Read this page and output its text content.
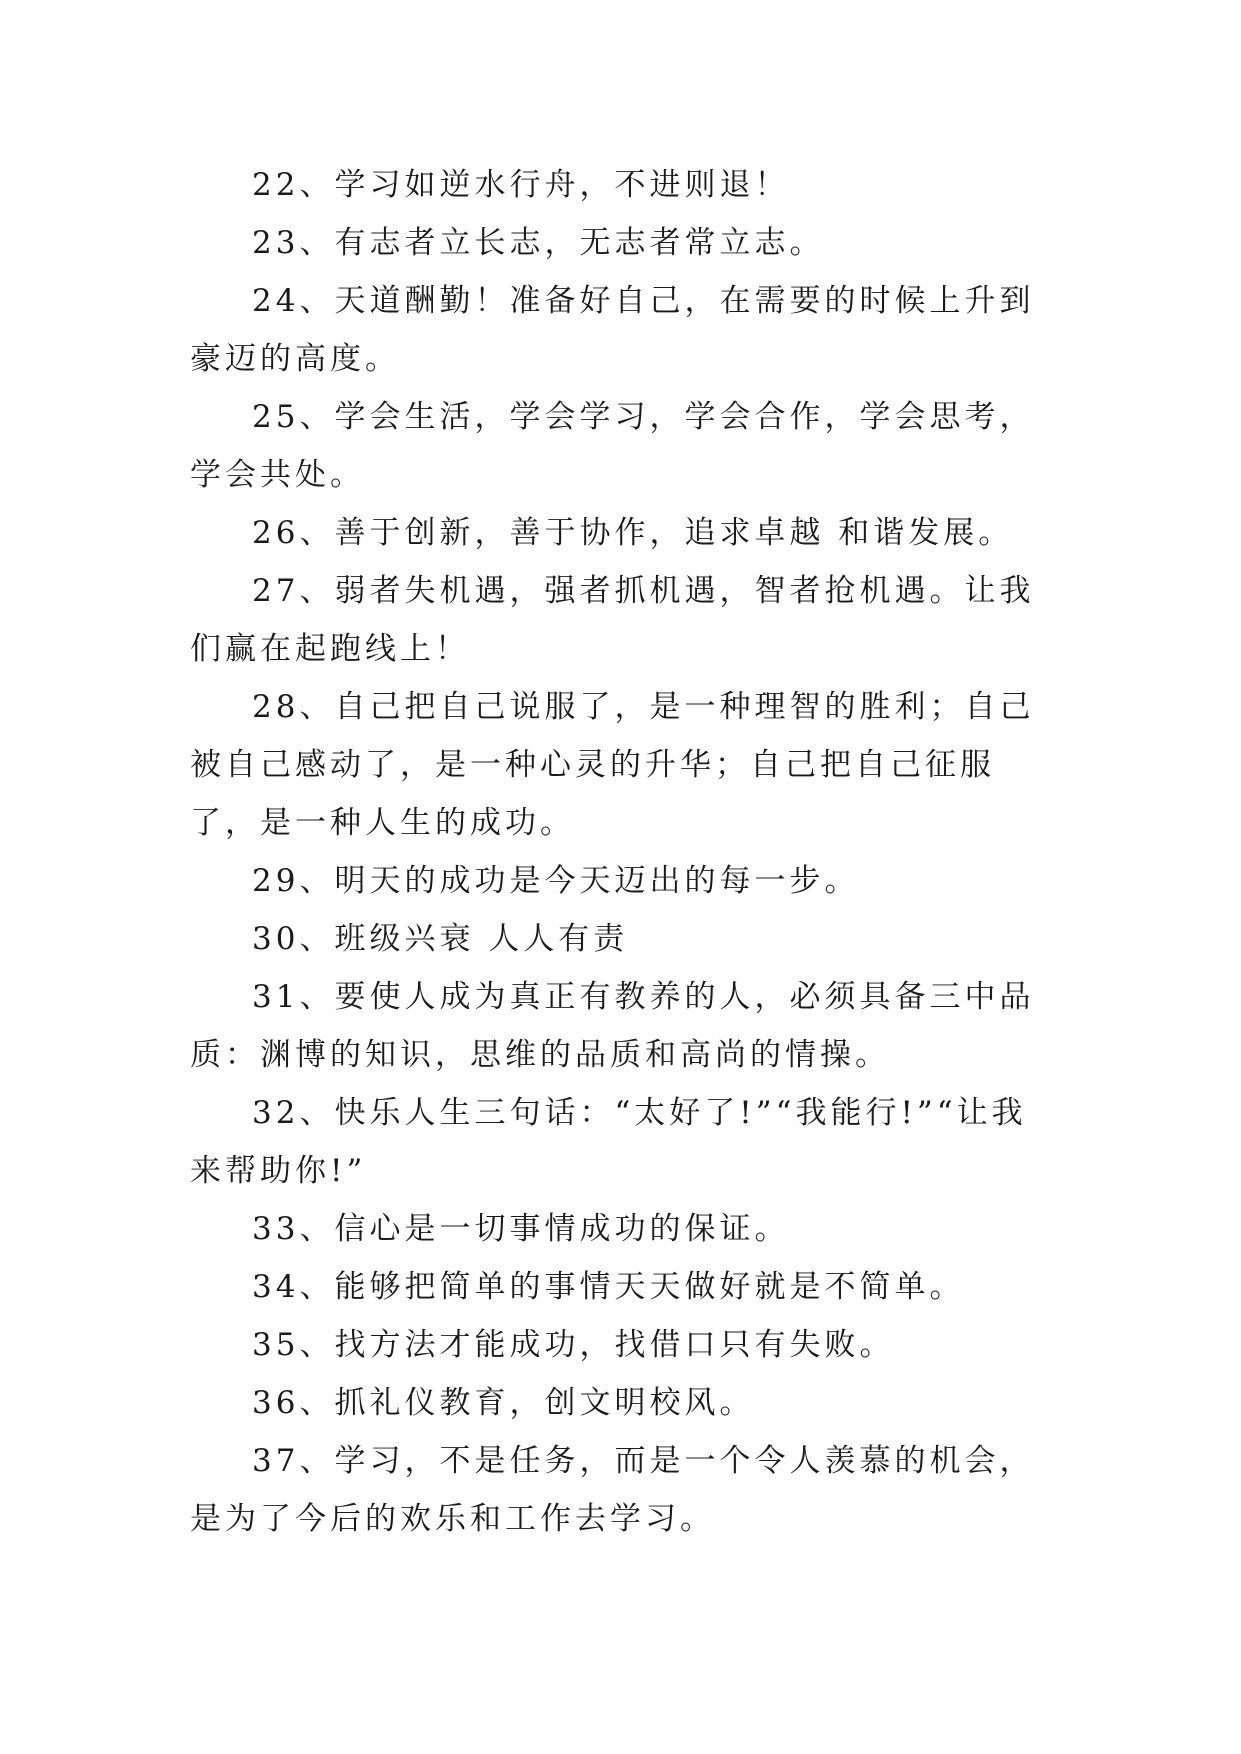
22、学习如逆水行舟，不进则退！

23、有志者立长志，无志者常立志。

24、天道酬勤！准备好自己，在需要的时候上升到豪迈的高度。

25、学会生活，学会学习，学会合作，学会思考，学会共处。

26、善于创新，善于协作，追求卓越 和谐发展。

27、弱者失机遇，强者抓机遇，智者抢机遇。让我们赢在起跑线上！

28、自己把自己说服了，是一种理智的胜利；自己被自己感动了，是一种心灵的升华；自己把自己征服了，是一种人生的成功。

29、明天的成功是今天迈出的每一步。

30、班级兴衰 人人有责

31、要使人成为真正有教养的人，必须具备三中品质：渊博的知识，思维的品质和高尚的情操。

32、快乐人生三句话：“太好了!”“我能行!”“让我来帮助你!”

33、信心是一切事情成功的保证。

34、能够把简单的事情天天做好就是不简单。

35、找方法才能成功，找借口只有失败。

36、抓礼仪教育，创文明校风。

37、学习，不是任务，而是一个令人羡慕的机会，是为了今后的欢乐和工作去学习。
